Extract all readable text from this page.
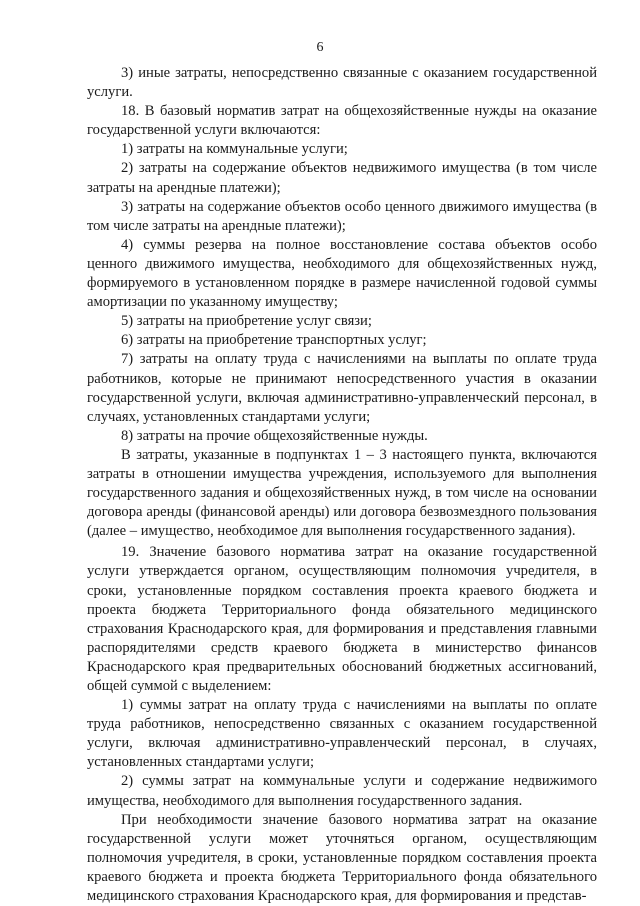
6

3) иные затраты, непосредственно связанные с оказанием государственной услуги.

18. В базовый норматив затрат на общехозяйственные нужды на оказание государственной услуги включаются:

1) затраты на коммунальные услуги;

2) затраты на содержание объектов недвижимого имущества (в том числе затраты на арендные платежи);

3) затраты на содержание объектов особо ценного движимого имущества (в том числе затраты на арендные платежи);

4) суммы резерва на полное восстановление состава объектов особо ценного движимого имущества, необходимого для общехозяйственных нужд, формируемого в установленном порядке в размере начисленной годовой суммы амортизации по указанному имуществу;

5) затраты на приобретение услуг связи;

6) затраты на приобретение транспортных услуг;

7) затраты на оплату труда с начислениями на выплаты по оплате труда работников, которые не принимают непосредственного участия в оказании государственной услуги, включая административно-управленческий персонал, в случаях, установленных стандартами услуги;

8) затраты на прочие общехозяйственные нужды.

В затраты, указанные в подпунктах 1 – 3 настоящего пункта, включаются затраты в отношении имущества учреждения, используемого для выполнения государственного задания и общехозяйственных нужд, в том числе на основании договора аренды (финансовой аренды) или договора безвозмездного пользования (далее – имущество, необходимое для выполнения государственного задания).

19. Значение базового норматива затрат на оказание государственной услуги утверждается органом, осуществляющим полномочия учредителя, в сроки, установленные порядком составления проекта краевого бюджета и проекта бюджета Территориального фонда обязательного медицинского страхования Краснодарского края, для формирования и представления главными распорядителями средств краевого бюджета в министерство финансов Краснодарского края предварительных обоснований бюджетных ассигнований, общей суммой с выделением:

1) суммы затрат на оплату труда с начислениями на выплаты по оплате труда работников, непосредственно связанных с оказанием государственной услуги, включая административно-управленческий персонал, в случаях, установленных стандартами услуги;

2) суммы затрат на коммунальные услуги и содержание недвижимого имущества, необходимого для выполнения государственного задания.

При необходимости значение базового норматива затрат на оказание государственной услуги может уточняться органом, осуществляющим полномочия учредителя, в сроки, установленные порядком составления проекта краевого бюджета и проекта бюджета Территориального фонда обязательного медицинского страхования Краснодарского края, для формирования и представ-
